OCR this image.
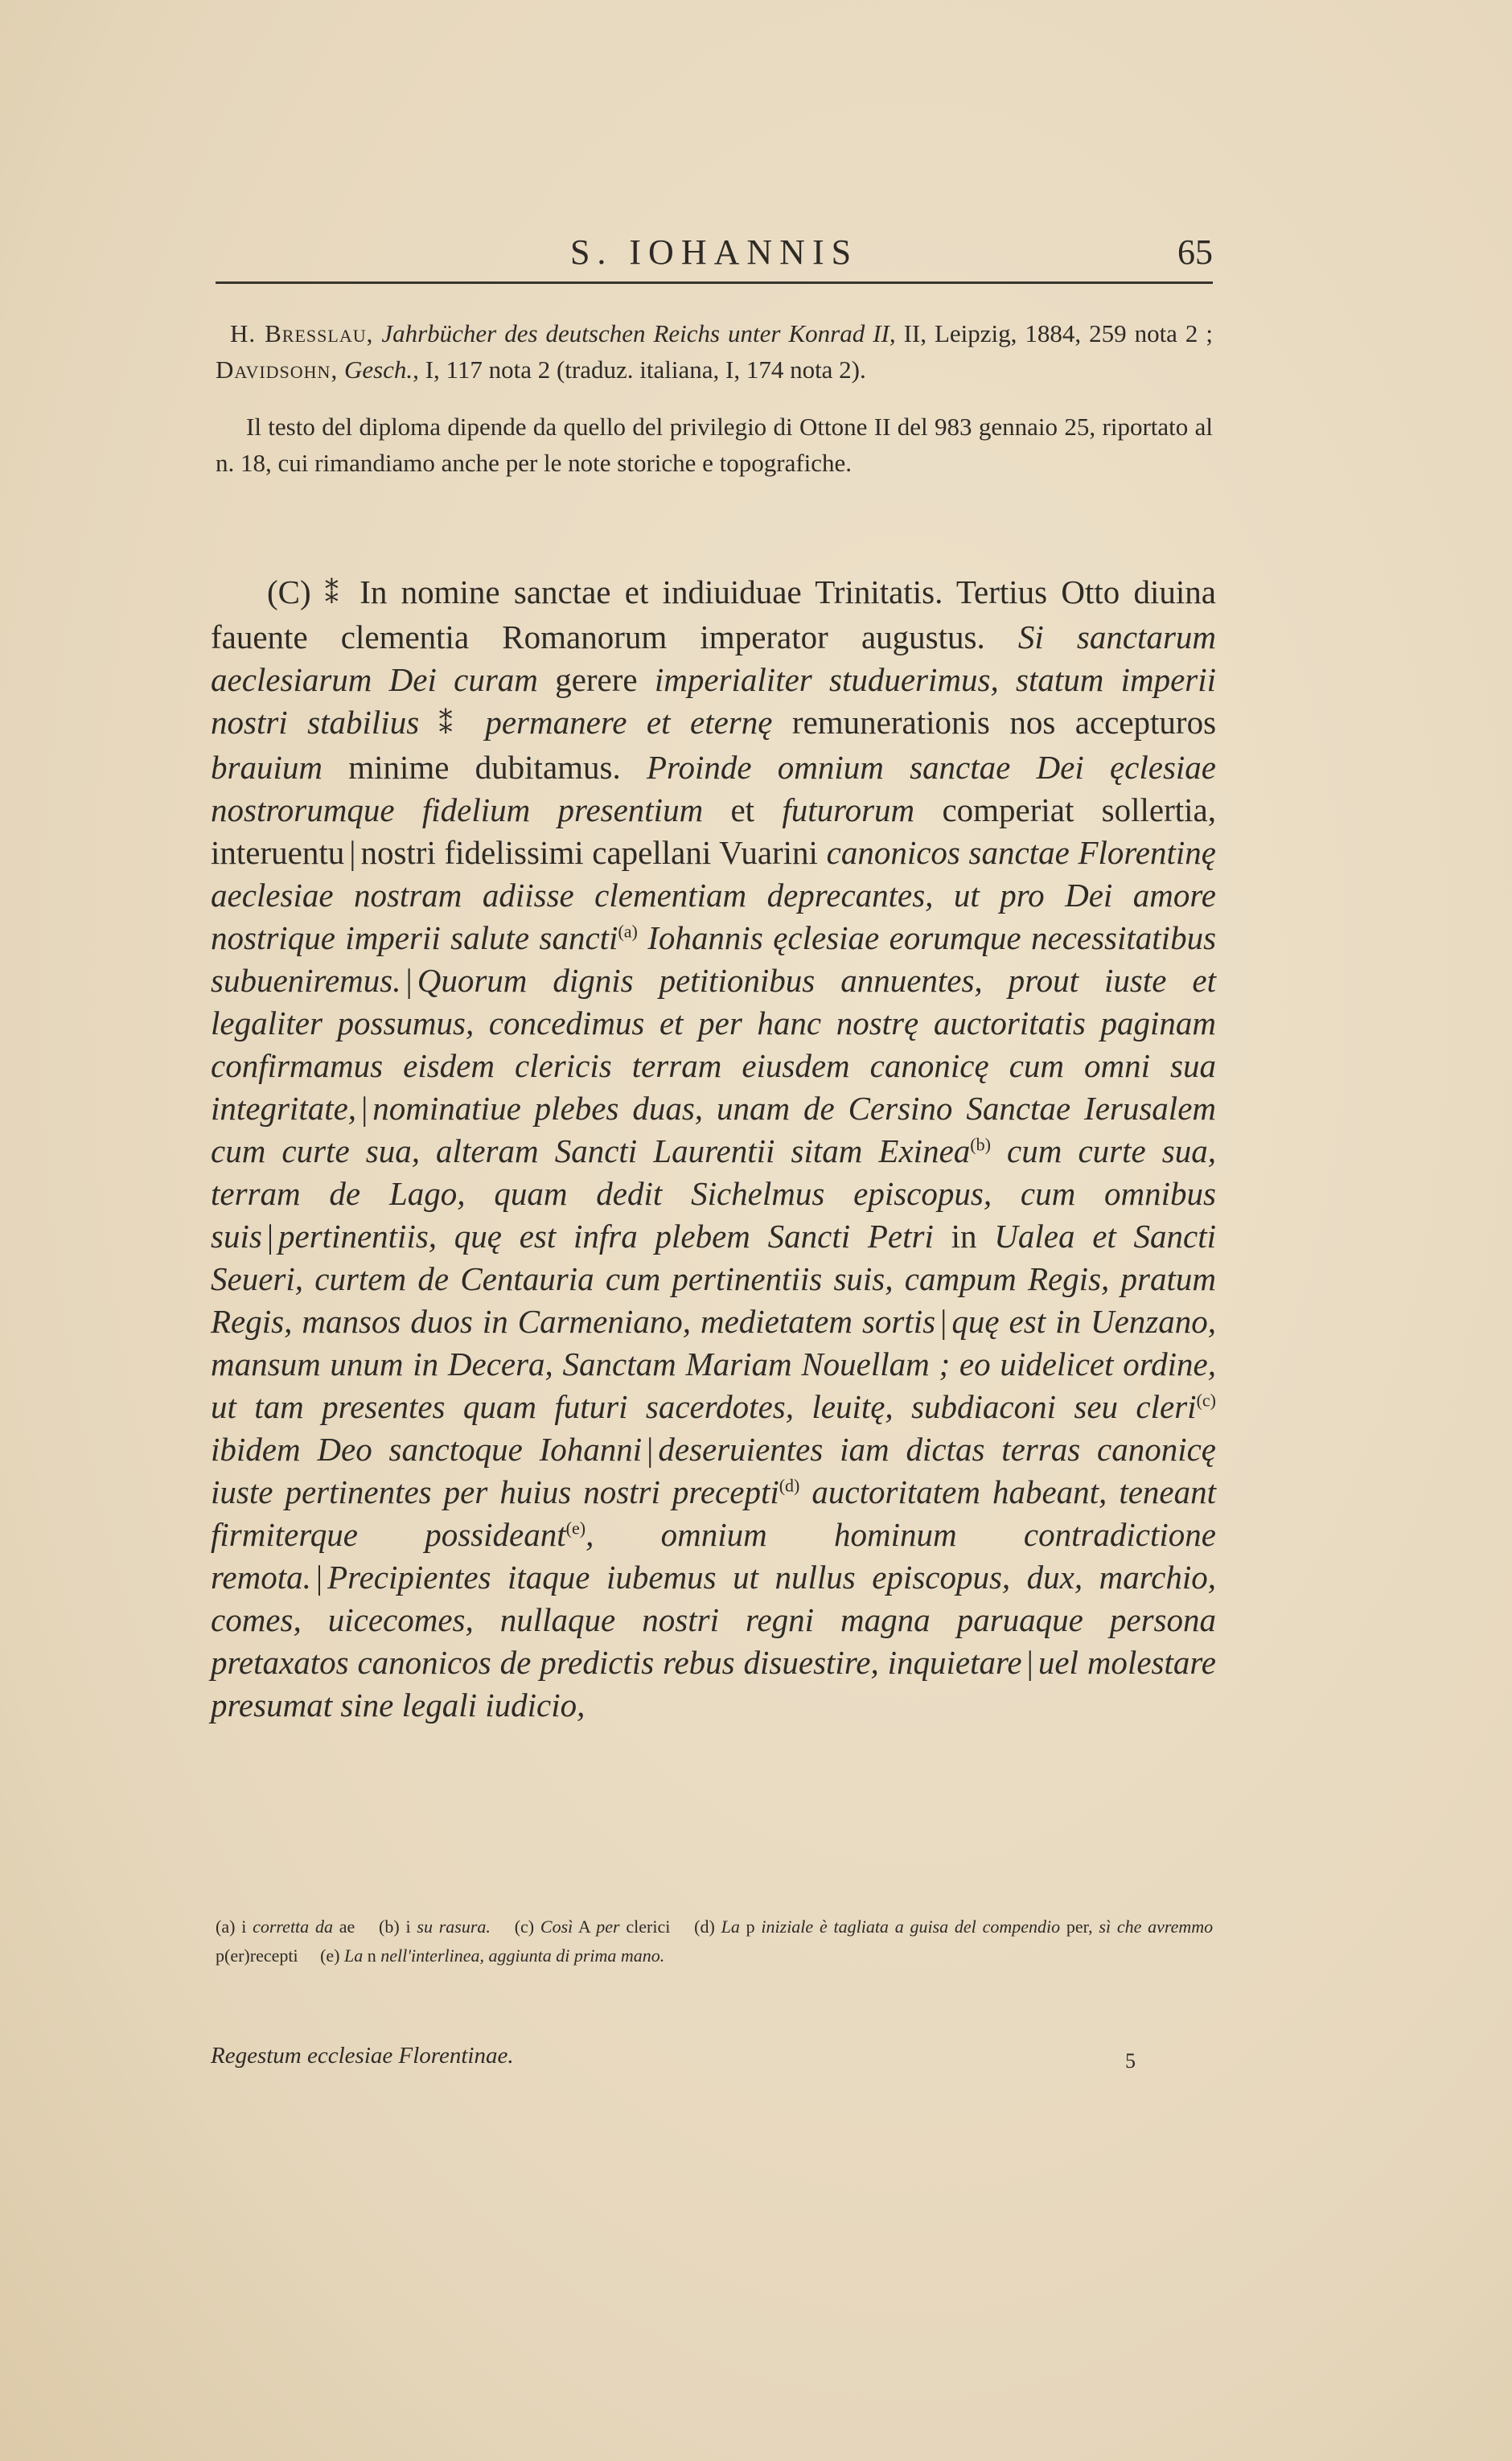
S. IOHANNIS	65

H. Bresslau, Jahrbücher des deutschen Reichs unter Konrad II, II, Leipzig, 1884, 259 nota 2 ; Davidsohn, Gesch., I, 117 nota 2 (traduz. italiana, I, 174 nota 2).

Il testo del diploma dipende da quello del privilegio di Ottone II del 983 gennaio 25, riportato al n. 18, cui rimandiamo anche per le note storiche e topografiche.

(C) ⁑ In nomine sanctae et indiuiduae Trinitatis. Tertius Otto diuina fauente clementia Romanorum imperator augustus. Si sanctarum aeclesiarum Dei curam gerere imperialiter studuerimus, statum imperii nostri stabilius ⁑ permanere et eternę remunerationis nos accepturos brauium minime dubitamus. Proinde omnium sanctae Dei ęclesiae nostrorumque fidelium presentium et futurorum comperiat sollertia, interuentu | nostri fidelissimi capellani Vuarini canonicos sanctae Florentinę aeclesiae nostram adiisse clementiam deprecantes, ut pro Dei amore nostrique imperii salute sancti$^{(a)}$ Iohannis ęclesiae eorumque necessitatibus subueniremus. | Quorum dignis petitionibus annuentes, prout iuste et legaliter possumus, concedimus et per hanc nostrę auctoritatis paginam confirmamus eisdem clericis terram eiusdem canonicę cum omni sua integritate, | nominatiue plebes duas, unam de Cersino Sanctae Ierusalem cum curte sua, alteram Sancti Laurentii sitam Exinea$^{(b)}$ cum curte sua, terram de Lago, quam dedit Sichelmus episcopus, cum omnibus suis | pertinentiis, quę est infra plebem Sancti Petri in Ualea et Sancti Seueri, curtem de Centauria cum pertinentiis suis, campum Regis, pratum Regis, mansos duos in Carmeniano, medietatem sortis | quę est in Uenzano, mansum unum in Decera, Sanctam Mariam Nouellam ; eo uidelicet ordine, ut tam presentes quam futuri sacerdotes, leuitę, subdiaconi seu cleri$^{(c)}$ ibidem Deo sanctoque Iohanni | deseruientes iam dictas terras canonicę iuste pertinentes per huius nostri precepti$^{(d)}$ auctoritatem habeant, teneant firmiterque possideant$^{(e)}$, omnium hominum contradictione remota. | Precipientes itaque iubemus ut nullus episcopus, dux, marchio, comes, uicecomes, nullaque nostri regni magna paruaque persona pretaxatos canonicos de predictis rebus disuestire, inquietare | uel molestare presumat sine legali iudicio,

(a) i corretta da ae (b) i su rasura. (c) Così A per clerici (d) La p iniziale è tagliata a guisa del compendio per, sì che avremmo p(er)recepti (e) La n nell'interlinea, aggiunta di prima mano.
Regestum ecclesiae Florentinae.	5
